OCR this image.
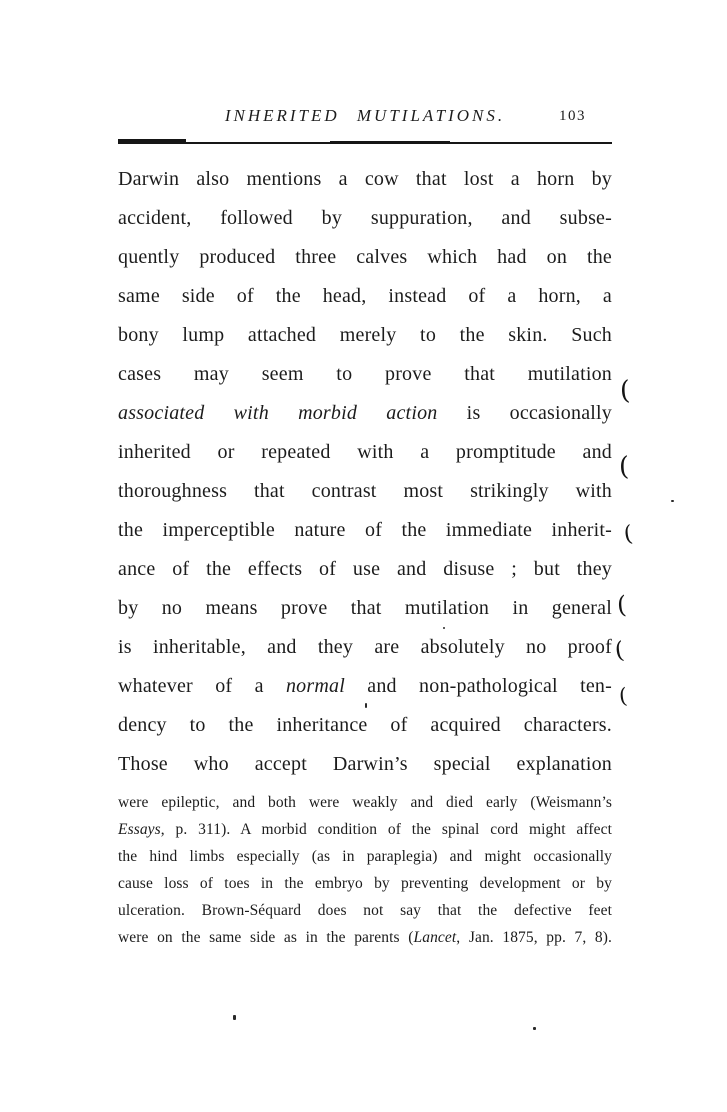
INHERITED MUTILATIONS.	103
Darwin also mentions a cow that lost a horn by
accident, followed by suppuration, and subse-
quently produced three calves which had on the
same side of the head, instead of a horn, a
bony lump attached merely to the skin. Such
cases may seem to prove that mutilation
associated with morbid action is occasionally
inherited or repeated with a promptitude and
thoroughness that contrast most strikingly with
the imperceptible nature of the immediate inherit-
ance of the effects of use and disuse ; but they
by no means prove that mutilation in general
is inheritable, and they are absolutely no proof
whatever of a normal and non-pathological ten-
dency to the inheritance of acquired characters.
Those who accept Darwin’s special explanation
were epileptic, and both were weakly and died early (Weismann’s
Essays, p. 311). A morbid condition of the spinal cord might affect
the hind limbs especially (as in paraplegia) and might occasionally
cause loss of toes in the embryo by preventing development or by
ulceration. Brown-Séquard does not say that the defective feet
were on the same side as in the parents (Lancet, Jan. 1875, pp. 7, 8).
(
(
(
(
(
(
